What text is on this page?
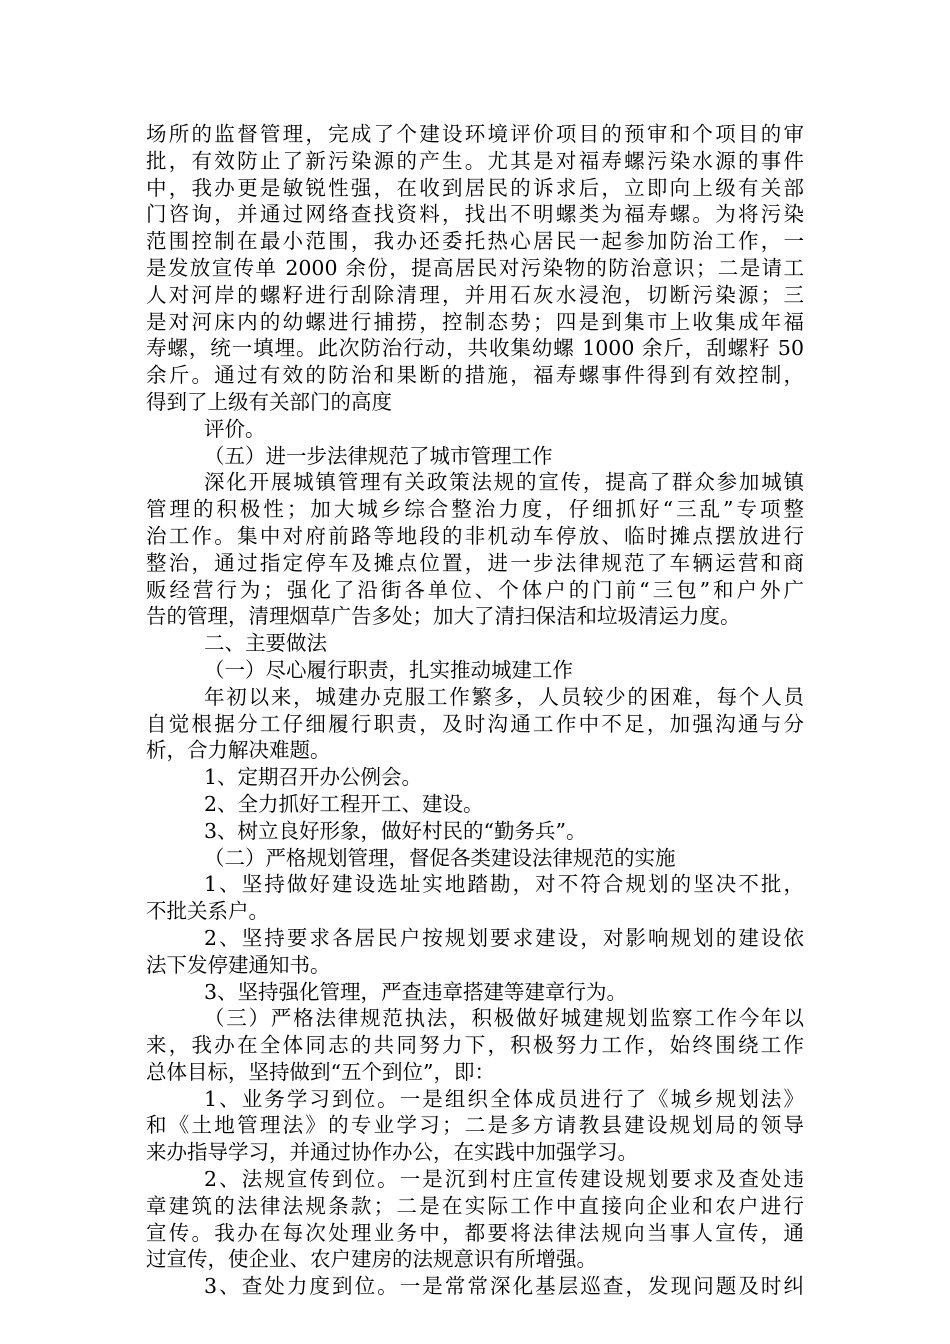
场所的监督管理，完成了个建设环境评价项目的预审和个项目的审
批，有效防止了新污染源的产生。尤其是对福寿螺污染水源的事件
中，我办更是敏锐性强，在收到居民的诉求后，立即向上级有关部
门咨询，并通过网络查找资料，找出不明螺类为福寿螺。为将污染
范围控制在最小范围，我办还委托热心居民一起参加防治工作，一
是发放宣传单 2000 余份，提高居民对污染物的防治意识；二是请工
人对河岸的螺籽进行刮除清理，并用石灰水浸泡，切断污染源；三
是对河床内的幼螺进行捕捞，控制态势；四是到集市上收集成年福
寿螺，统一填埋。此次防治行动，共收集幼螺 1000 余斤，刮螺籽 50
余斤。通过有效的防治和果断的措施，福寿螺事件得到有效控制，
得到了上级有关部门的高度
评价。
（五）进一步法律规范了城市管理工作
深化开展城镇管理有关政策法规的宣传，提高了群众参加城镇
管理的积极性；加大城乡综合整治力度，仔细抓好“三乱”专项整
治工作。集中对府前路等地段的非机动车停放、临时摊点摆放进行
整治，通过指定停车及摊点位置，进一步法律规范了车辆运营和商
贩经营行为；强化了沿街各单位、个体户的门前“三包”和户外广
告的管理，清理烟草广告多处；加大了清扫保洁和垃圾清运力度。
二、主要做法
（一）尽心履行职责，扎实推动城建工作
年初以来，城建办克服工作繁多，人员较少的困难，每个人员
自觉根据分工仔细履行职责，及时沟通工作中不足，加强沟通与分
析，合力解决难题。
1、定期召开办公例会。
2、全力抓好工程开工、建设。
3、树立良好形象，做好村民的“勤务兵”。
（二）严格规划管理，督促各类建设法律规范的实施
1、坚持做好建设选址实地踏勘，对不符合规划的坚决不批，
不批关系户。
2、坚持要求各居民户按规划要求建设，对影响规划的建设依
法下发停建通知书。
3、坚持强化管理，严查违章搭建等建章行为。
（三）严格法律规范执法，积极做好城建规划监察工作今年以
来，我办在全体同志的共同努力下，积极努力工作，始终围绕工作
总体目标，坚持做到“五个到位”，即：
1、业务学习到位。一是组织全体成员进行了《城乡规划法》
和《土地管理法》的专业学习；二是多方请教县建设规划局的领导
来办指导学习，并通过协作办公，在实践中加强学习。
2、法规宣传到位。一是沉到村庄宣传建设规划要求及查处违
章建筑的法律法规条款；二是在实际工作中直接向企业和农户进行
宣传。我办在每次处理业务中，都要将法律法规向当事人宣传，通
过宣传，使企业、农户建房的法规意识有所增强。
3、查处力度到位。一是常常深化基层巡查，发现问题及时纠
